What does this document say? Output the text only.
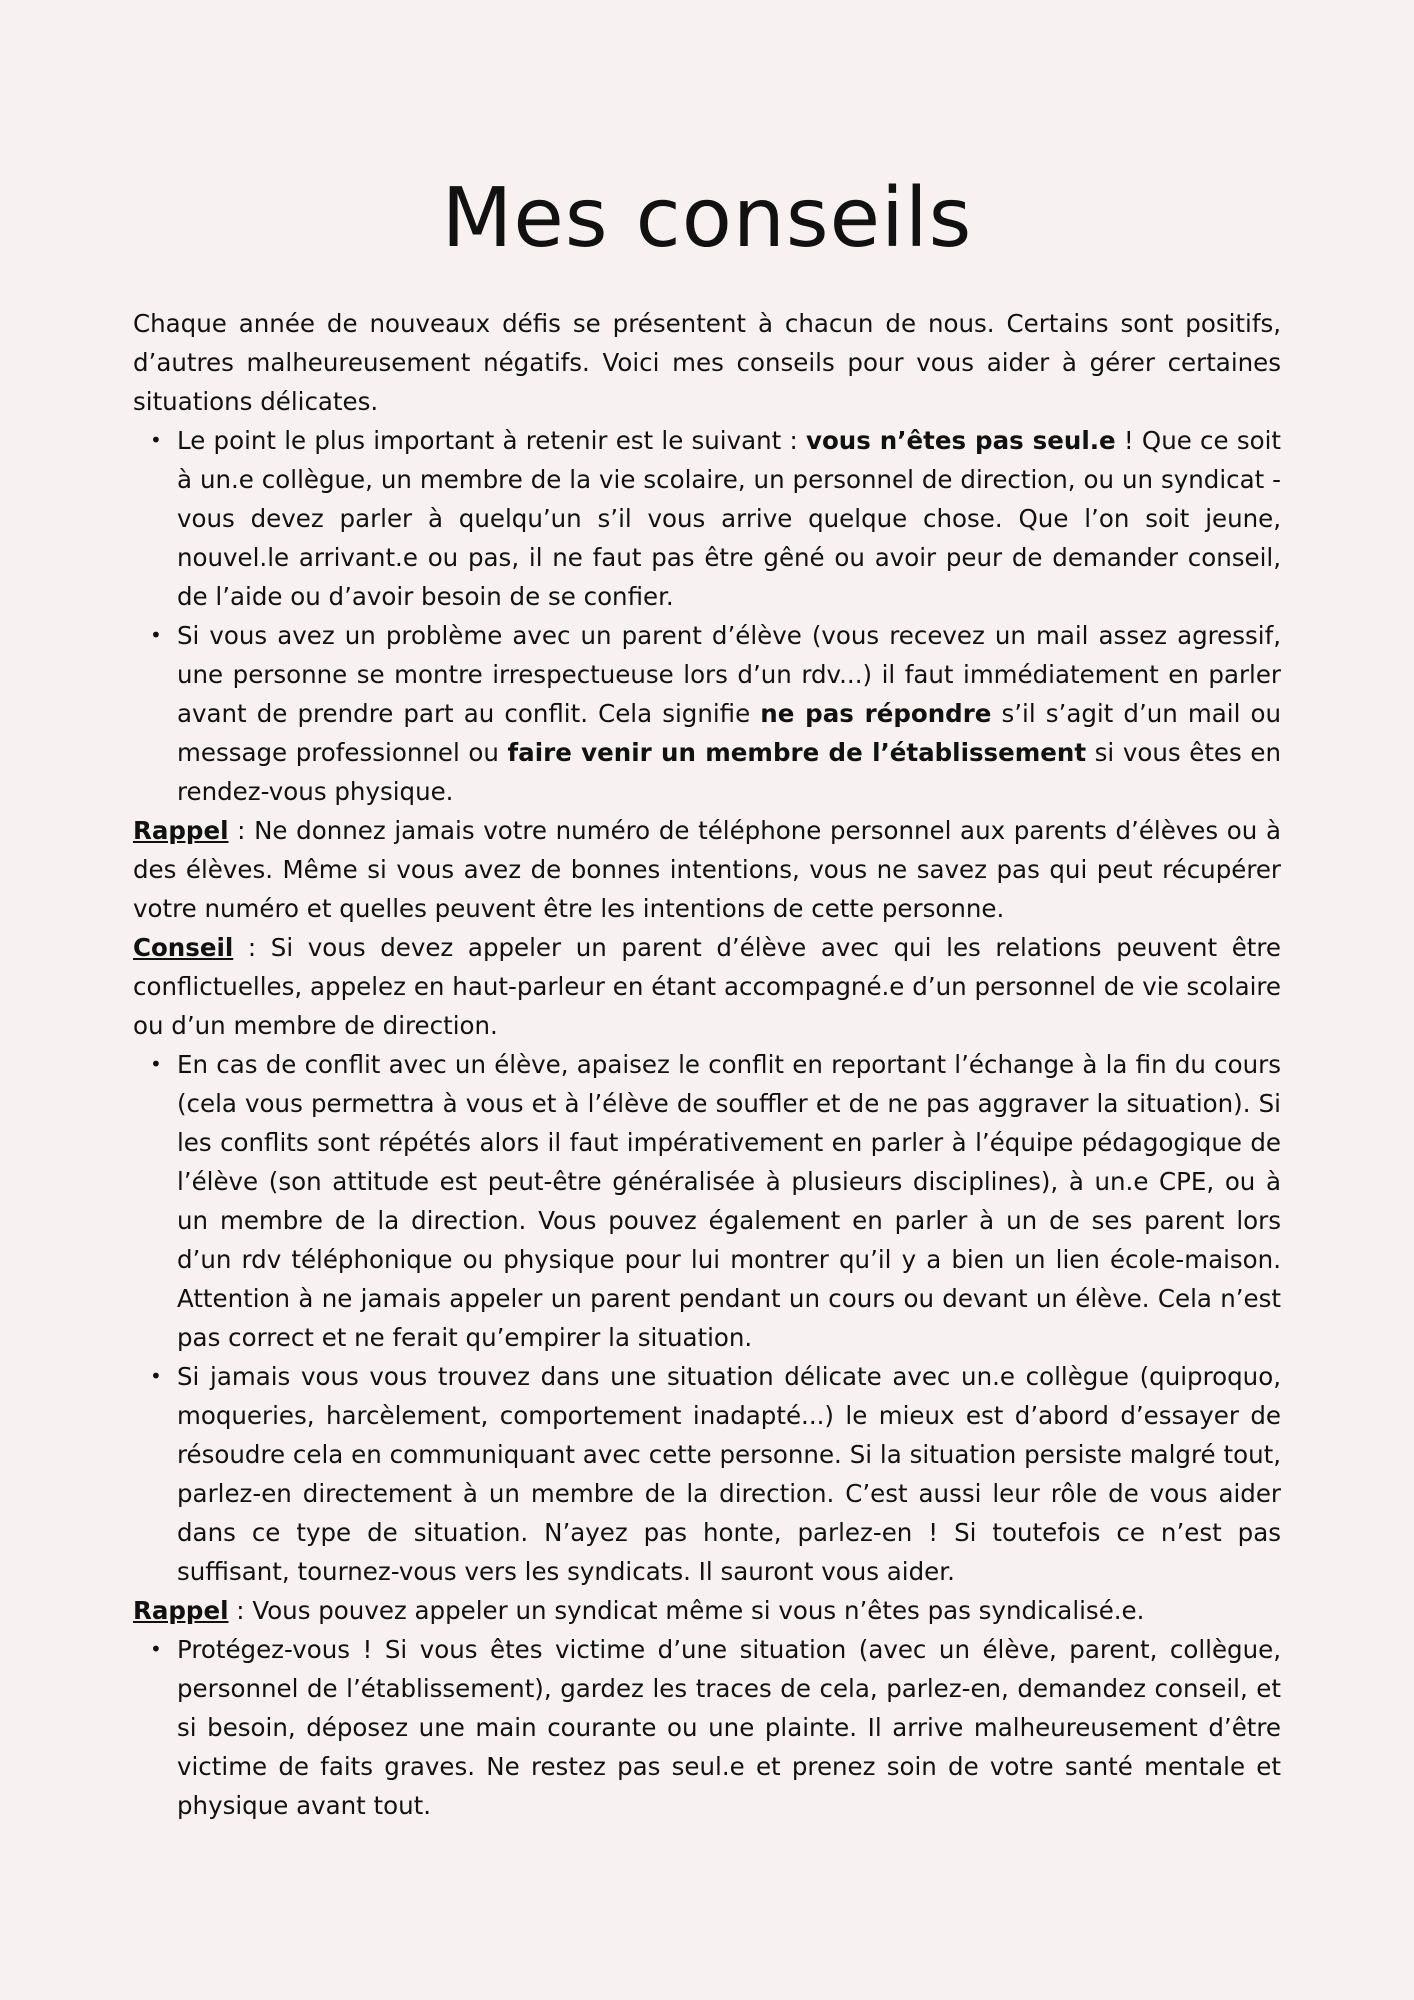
Mes conseils

Chaque année de nouveaux défis se présentent à chacun de nous. Certains sont positifs, d’autres malheureusement négatifs. Voici mes conseils pour vous aider à gérer certaines situations délicates.

• Le point le plus important à retenir est le suivant : vous n’êtes pas seul.e ! Que ce soit à un.e collègue, un membre de la vie scolaire, un personnel de direction, ou un syndicat - vous devez parler à quelqu’un s’il vous arrive quelque chose. Que l’on soit jeune, nouvel.le arrivant.e ou pas, il ne faut pas être gêné ou avoir peur de demander conseil, de l’aide ou d’avoir besoin de se confier.
• Si vous avez un problème avec un parent d’élève (vous recevez un mail assez agressif, une personne se montre irrespectueuse lors d’un rdv...) il faut immédiatement en parler avant de prendre part au conflit. Cela signifie ne pas répondre s’il s’agit d’un mail ou message professionnel ou faire venir un membre de l’établissement si vous êtes en rendez-vous physique.

Rappel : Ne donnez jamais votre numéro de téléphone personnel aux parents d’élèves ou à des élèves. Même si vous avez de bonnes intentions, vous ne savez pas qui peut récupérer votre numéro et quelles peuvent être les intentions de cette personne.

Conseil : Si vous devez appeler un parent d’élève avec qui les relations peuvent être conflictuelles, appelez en haut-parleur en étant accompagné.e d’un personnel de vie scolaire ou d’un membre de direction.

• En cas de conflit avec un élève, apaisez le conflit en reportant l’échange à la fin du cours (cela vous permettra à vous et à l’élève de souffler et de ne pas aggraver la situation). Si les conflits sont répétés alors il faut impérativement en parler à l’équipe pédagogique de l’élève (son attitude est peut-être généralisée à plusieurs disciplines), à un.e CPE, ou à un membre de la direction. Vous pouvez également en parler à un de ses parent lors d’un rdv téléphonique ou physique pour lui montrer qu’il y a bien un lien école-maison. Attention à ne jamais appeler un parent pendant un cours ou devant un élève. Cela n’est pas correct et ne ferait qu’empirer la situation.
• Si jamais vous vous trouvez dans une situation délicate avec un.e collègue (quiproquo, moqueries, harcèlement, comportement inadapté...) le mieux est d’abord d’essayer de résoudre cela en communiquant avec cette personne. Si la situation persiste malgré tout, parlez-en directement à un membre de la direction. C’est aussi leur rôle de vous aider dans ce type de situation. N’ayez pas honte, parlez-en ! Si toutefois ce n’est pas suffisant, tournez-vous vers les syndicats. Il sauront vous aider.

Rappel : Vous pouvez appeler un syndicat même si vous n’êtes pas syndicalisé.e.

• Protégez-vous ! Si vous êtes victime d’une situation (avec un élève, parent, collègue, personnel de l’établissement), gardez les traces de cela, parlez-en, demandez conseil, et si besoin, déposez une main courante ou une plainte. Il arrive malheureusement d’être victime de faits graves. Ne restez pas seul.e et prenez soin de votre santé mentale et physique avant tout.
